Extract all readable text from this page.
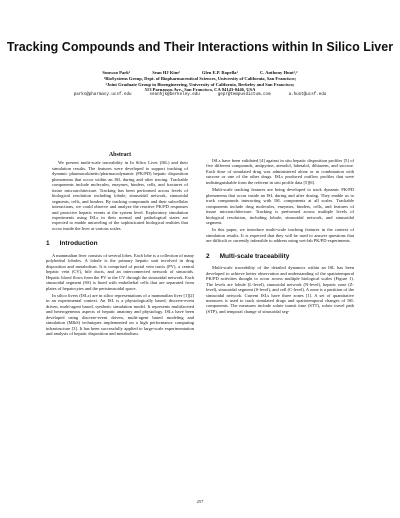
Tracking Compounds and Their Interactions within In Silico Liver
Sunwoo Park¹	Sean HJ Kim²	Glen E.P. Ropella¹	C. Anthony Hunt¹,²
¹BioSystems Group, Dept. of Biopharmaceutical Sciences, University of California, San Francisco;
²Joint Graduate Group in Bioengineering, University of California, Berkeley and San Francisco;
513 Parnassus Ave., San Francisco, CA 94143-0446, USA
parks@pharmacy.ucsf.edu	seanhjk@berkeley.edu	gepr@tempusdictum.com	a.hunt@ucsf.edu
Abstract

We present multi-scale traceability in In Silico Liver (ISL) and their simulation results. The features were developed to support tracking of dynamic pharmacokinetic/pharmacodynamic (PK/PD) hepatic disposition phenomena that occur within an ISL during and after tracing. Trackable components include molecules, enzymes, binders, cells, and fractures of tissue microarchitecture. Tracking has been performed across levels of biological resolution including lobule, sinusoidal network, sinusoidal segments, cells, and binders. By tracking compounds and their subcellular interactions, we could observe and analyze the reactive PK/PD responses and proactive hepatic events at the system level. Exploratory simulation experiments using ISLs in their normal and pathological states are expected to enable unraveling of the sophisticated biological realities that occur inside the liver at various scales.

1 Introduction

A mammalian liver consists of several lobes. Each lobe is a collection of many polyhedral lobules. A lobule is the primary hepatic unit involved in drug disposition and metabolism. It is comprised of portal vein tracts (PV), a central hepatic vein (CV), bile ducts, and an interconnected network of sinusoids. Hepatic blood flows from the PV to the CV through the sinusoidal network. Each sinusoidal segment (SS) is lined with endothelial cells that are separated from plates of hepatocytes and the perisinusoidal space.

In silico livers (ISLs) are in silico representations of a mammalian liver [1][2] in an experimental context. An ISL is a physiologically based, discrete-event driven, multi-agent based, synthetic simulation model. It represents multifaceted and heterogeneous aspects of hepatic anatomy and physiology. ISLs have been developed using discrete-event driven, multi-agent based modeling and simulation (M&S) techniques implemented on a high performance computing infrastructure [3]. It has been successfully applied to large-scale experimentation and analysis of hepatic disposition and metabolism.

ISLs have been validated [4] against in situ hepatic disposition profiles [5] of five different compounds, antipyrine, atenolol, labetalol, diltiazem, and sucrose. Each dose of simulated drug was administered alone or in combination with sucrose or one of the other drugs. ISLs produced outflow profiles that were indistinguishable from the referent in situ profile data [5][6].

Multi-scale tracking features are being developed to track dynamic PK/PD phenomena that occur inside an ISL during and after dosing. They enable us to track compounds interacting with ISL components at all scales. Trackable components include drug molecules, enzymes, binders, cells, and features of tissue microarchitecture. Tracking is performed across multiple levels of biological resolution, including lobule, sinusoidal network, and sinusoidal segment.

In this paper, we introduce multi-scale tracking features in the context of simulation results. It is expected that they will be used to answer questions that are difficult or currently infeasible to address using wet-lab PK/PD experiments.

2 Multi-scale traceability

Multi-scale traceability of the detailed dynamics within an ISL has been developed to achieve better observation and understanding of the spatiotemporal PK/PD activities thought to occur across multiple biological scales (Figure 1). The levels are lobule (L-level), sinusoidal network (N-level), hepatic zone (Z-level), sinusoidal segment (S-level), and cell (C-level). A zone is a partition of the sinusoidal network. Current ISLs have three zones [1]. A set of quantitative measures is used to track simulated drugs and spatiotemporal changes of ISL components. The measures include solute transit time (STT), solute travel path (STP), and temporal change of sinusoidal seg-

257
